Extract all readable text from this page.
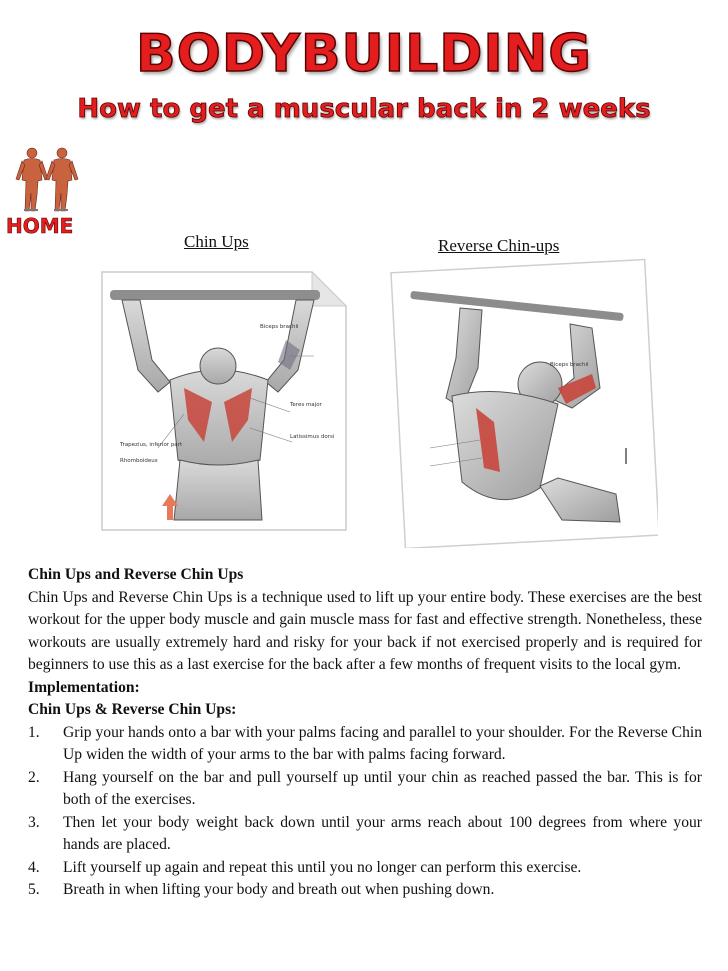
BODYBUILDING
How to get a muscular back in 2 weeks
HOME
Chin Ups	Reverse Chin-ups
Biceps brachii
Teres major
Trapezius, inferior part
Rhomboideus
Latissimus dorsi
Biceps brachii

Chin Ups and Reverse Chin Ups

Chin Ups and Reverse Chin Ups is a technique used to lift up your entire body. These exercises are the best workout for the upper body muscle and gain muscle mass for fast and effective strength. Nonetheless, these workouts are usually extremely hard and risky for your back if not exercised properly and is required for beginners to use this as a last exercise for the back after a few months of frequent visits to the local gym.

Implementation:

Chin Ups & Reverse Chin Ups:

1. Grip your hands onto a bar with your palms facing and parallel to your shoulder. For the Reverse Chin Up widen the width of your arms to the bar with palms facing forward.
2. Hang yourself on the bar and pull yourself up until your chin as reached passed the bar. This is for both of the exercises.
3. Then let your body weight back down until your arms reach about 100 degrees from where your hands are placed.
4. Lift yourself up again and repeat this until you no longer can perform this exercise.
5. Breath in when lifting your body and breath out when pushing down.
